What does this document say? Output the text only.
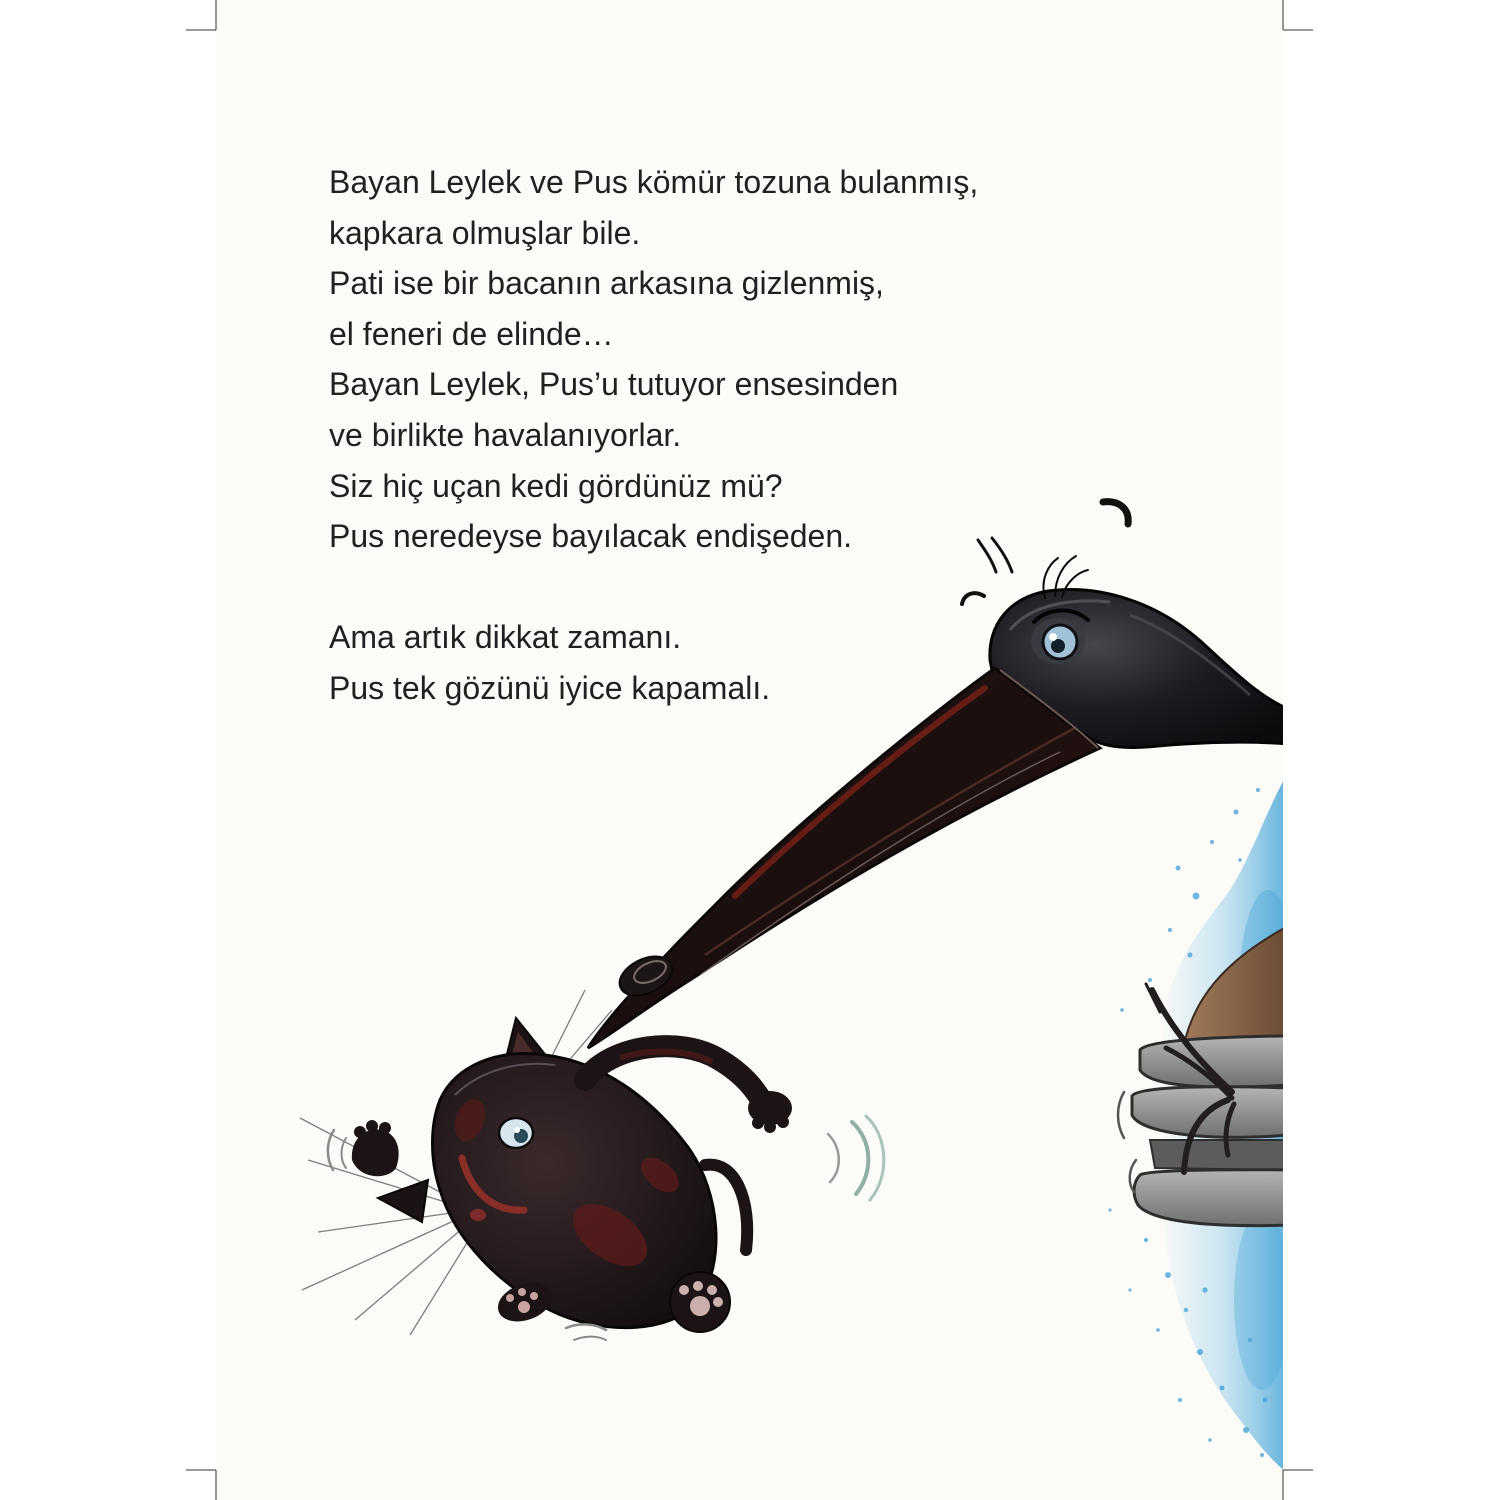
Bayan Leylek ve Pus kömür tozuna bulanmış,
kapkara olmuşlar bile.
Pati ise bir bacanın arkasına gizlenmiş,
el feneri de elinde…
Bayan Leylek, Pus’u tutuyor ensesinden
ve birlikte havalanıyorlar.
Siz hiç uçan kedi gördünüz mü?
Pus neredeyse bayılacak endişeden.
Ama artık dikkat zamanı.
Pus tek gözünü iyice kapamalı.
